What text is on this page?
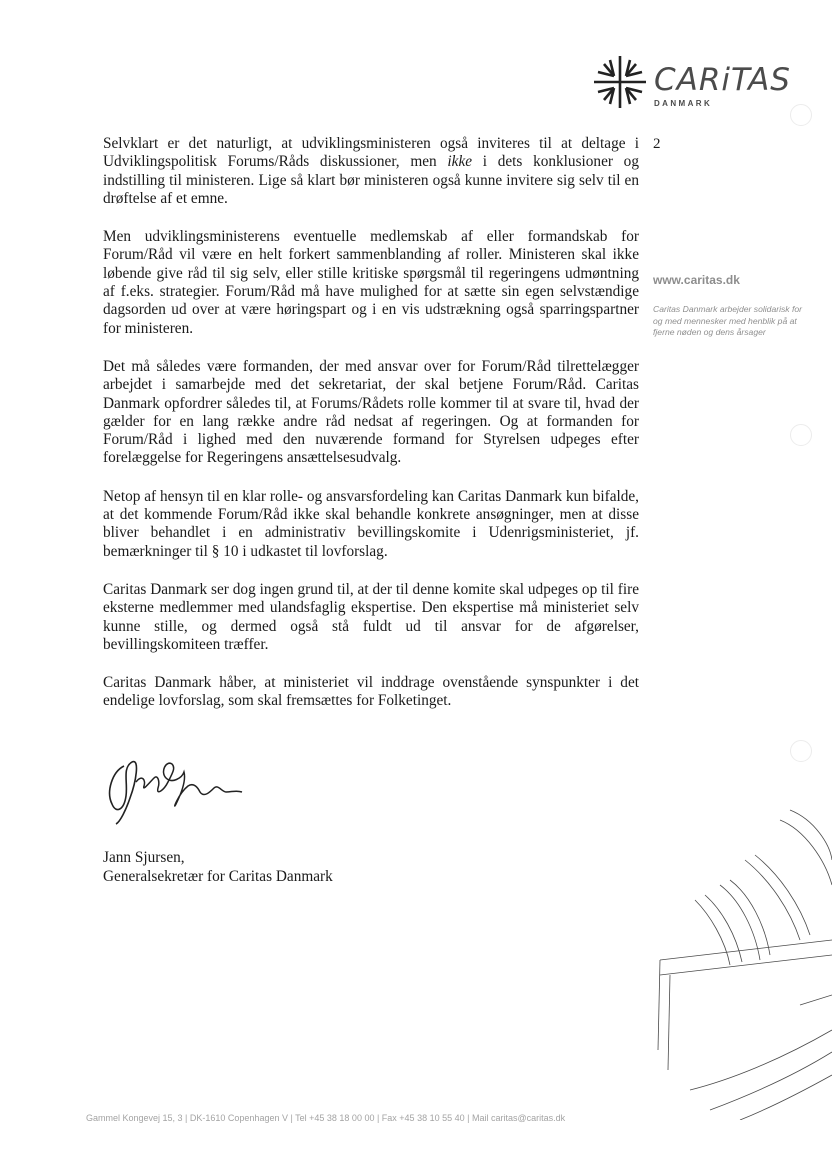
CARiTAS
DANMARK
2
www.caritas.dk
Caritas Danmark arbejder solidarisk for og med mennesker med henblik på at fjerne nøden og dens årsager

Selvklart er det naturligt, at udviklingsministeren også inviteres til at deltage i Udviklingspolitisk Forums/Råds diskussioner, men ikke i dets konklusioner og indstilling til ministeren. Lige så klart bør ministeren også kunne invitere sig selv til en drøftelse af et emne.

Men udviklingsministerens eventuelle medlemskab af eller formandskab for Forum/Råd vil være en helt forkert sammenblanding af roller. Ministeren skal ikke løbende give råd til sig selv, eller stille kritiske spørgsmål til regeringens udmøntning af f.eks. strategier. Forum/Råd må have mulighed for at sætte sin egen selvstændige dagsorden ud over at være høringspart og i en vis udstrækning også sparringspartner for ministeren.

Det må således være formanden, der med ansvar over for Forum/Råd tilrettelægger arbejdet i samarbejde med det sekretariat, der skal betjene Forum/Råd. Caritas Danmark opfordrer således til, at Forums/Rådets rolle kommer til at svare til, hvad der gælder for en lang række andre råd nedsat af regeringen. Og at formanden for Forum/Råd i lighed med den nuværende formand for Styrelsen udpeges efter forelæggelse for Regeringens ansættelsesudvalg.

Netop af hensyn til en klar rolle- og ansvarsfordeling kan Caritas Danmark kun bifalde, at det kommende Forum/Råd ikke skal behandle konkrete ansøgninger, men at disse bliver behandlet i en administrativ bevillingskomite i Udenrigsministeriet, jf. bemærkninger til § 10 i udkastet til lovforslag.

Caritas Danmark ser dog ingen grund til, at der til denne komite skal udpeges op til fire eksterne medlemmer med ulandsfaglig ekspertise. Den ekspertise må ministeriet selv kunne stille, og dermed også stå fuldt ud til ansvar for de afgørelser, bevillingskomiteen træffer.

Caritas Danmark håber, at ministeriet vil inddrage ovenstående synspunkter i det endelige lovforslag, som skal fremsættes for Folketinget.

Jann Sjursen,
Generalsekretær for Caritas Danmark
Gammel Kongevej 15, 3 | DK-1610 Copenhagen V | Tel +45 38 18 00 00 | Fax +45 38 10 55 40 | Mail caritas@caritas.dk
